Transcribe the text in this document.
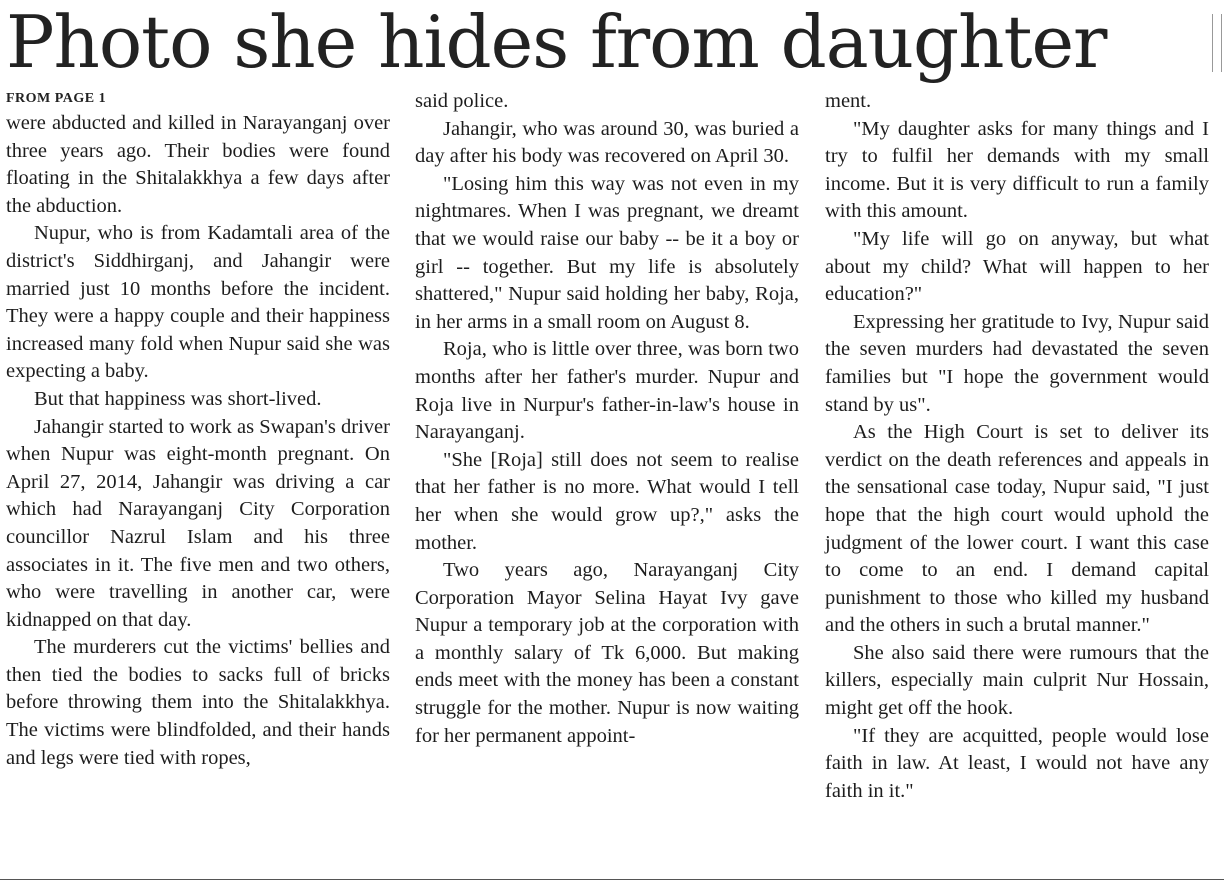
Photo she hides from daughter
FROM PAGE 1

were abducted and killed in Narayanganj over three years ago. Their bodies were found floating in the Shitalakkhya a few days after the abduction.

Nupur, who is from Kadamtali area of the district's Siddhirganj, and Jahangir were married just 10 months before the incident. They were a happy couple and their happiness increased many fold when Nupur said she was expecting a baby.

But that happiness was short-lived.

Jahangir started to work as Swapan's driver when Nupur was eight-month pregnant. On April 27, 2014, Jahangir was driving a car which had Narayanganj City Corporation councillor Nazrul Islam and his three associates in it. The five men and two others, who were travelling in another car, were kidnapped on that day.

The murderers cut the victims' bellies and then tied the bodies to sacks full of bricks before throwing them into the Shitalakkhya. The victims were blindfolded, and their hands and legs were tied with ropes,

said police.

Jahangir, who was around 30, was buried a day after his body was recovered on April 30.

"Losing him this way was not even in my nightmares. When I was pregnant, we dreamt that we would raise our baby -- be it a boy or girl -- together. But my life is absolutely shattered," Nupur said holding her baby, Roja, in her arms in a small room on August 8.

Roja, who is little over three, was born two months after her father's murder. Nupur and Roja live in Nurpur's father-in-law's house in Narayanganj.

"She [Roja] still does not seem to realise that her father is no more. What would I tell her when she would grow up?," asks the mother.

Two years ago, Narayanganj City Corporation Mayor Selina Hayat Ivy gave Nupur a temporary job at the corporation with a monthly salary of Tk 6,000. But making ends meet with the money has been a constant struggle for the mother. Nupur is now waiting for her permanent appoint-

ment.

"My daughter asks for many things and I try to fulfil her demands with my small income. But it is very difficult to run a family with this amount.

"My life will go on anyway, but what about my child? What will happen to her education?"

Expressing her gratitude to Ivy, Nupur said the seven murders had devastated the seven families but "I hope the government would stand by us".

As the High Court is set to deliver its verdict on the death references and appeals in the sensational case today, Nupur said, "I just hope that the high court would uphold the judgment of the lower court. I want this case to come to an end. I demand capital punishment to those who killed my husband and the others in such a brutal manner."

She also said there were rumours that the killers, especially main culprit Nur Hossain, might get off the hook.

"If they are acquitted, people would lose faith in law. At least, I would not have any faith in it."
